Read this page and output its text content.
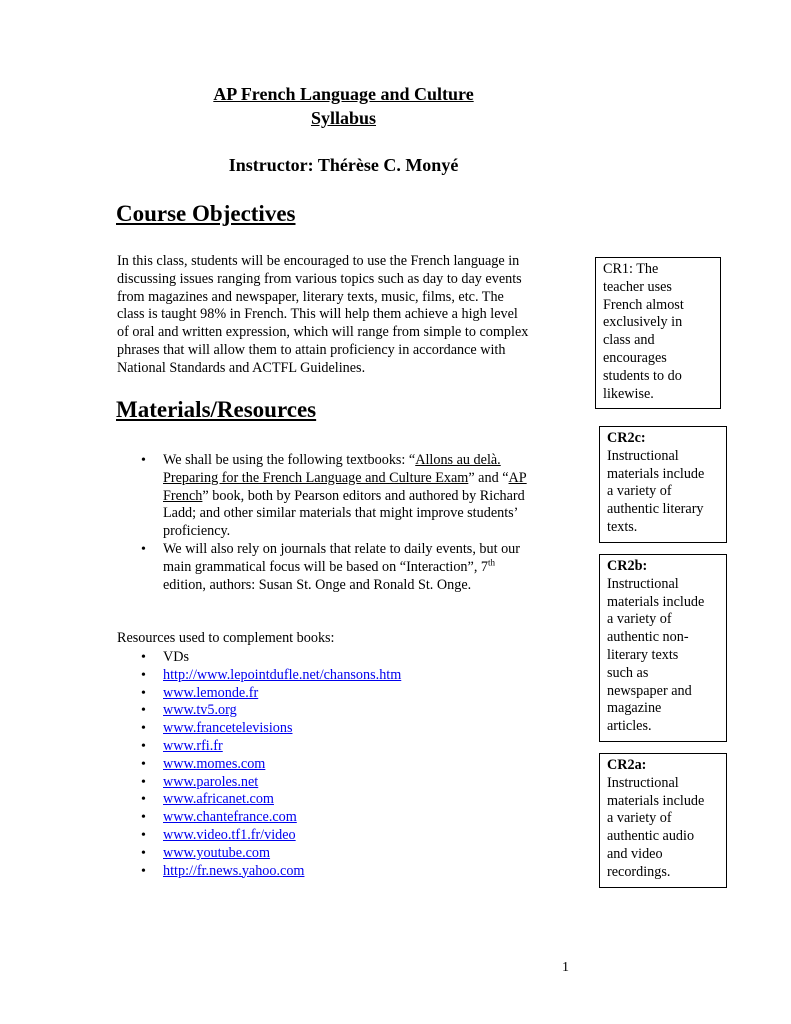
AP French Language and Culture
Syllabus
Instructor: Thérèse C. Monyé
Course Objectives
In this class, students will be encouraged to use the French language in
discussing issues ranging from various topics such as day to day events
from magazines and newspaper, literary texts, music, films, etc. The
class is taught 98% in French. This will help them achieve a high level
of oral and written expression, which will range from simple to complex
phrases that will allow them to attain proficiency in accordance with
National Standards and ACTFL Guidelines.
Materials/Resources
• We shall be using the following textbooks: “Allons au delà.
Preparing for the French Language and Culture Exam” and “AP
French” book, both by Pearson editors and authored by Richard
Ladd; and other similar materials that might improve students’
proficiency.
• We will also rely on journals that relate to daily events, but our
main grammatical focus will be based on “Interaction”, 7th
edition, authors: Susan St. Onge and Ronald St. Onge.
Resources used to complement books:
• VDs
• http://www.lepointdufle.net/chansons.htm
• www.lemonde.fr
• www.tv5.org
• www.francetelevisions
• www.rfi.fr
• www.momes.com
• www.paroles.net
• www.africanet.com
• www.chantefrance.com
• www.video.tf1.fr/video
• www.youtube.com
• http://fr.news.yahoo.com
CR1: The
teacher uses
French almost
exclusively in
class and
encourages
students to do
likewise.
CR2c:
Instructional
materials include
a variety of
authentic literary
texts.
CR2b:
Instructional
materials include
a variety of
authentic non-
literary texts
such as
newspaper and
magazine
articles.
CR2a:
Instructional
materials include
a variety of
authentic audio
and video
recordings.
1
